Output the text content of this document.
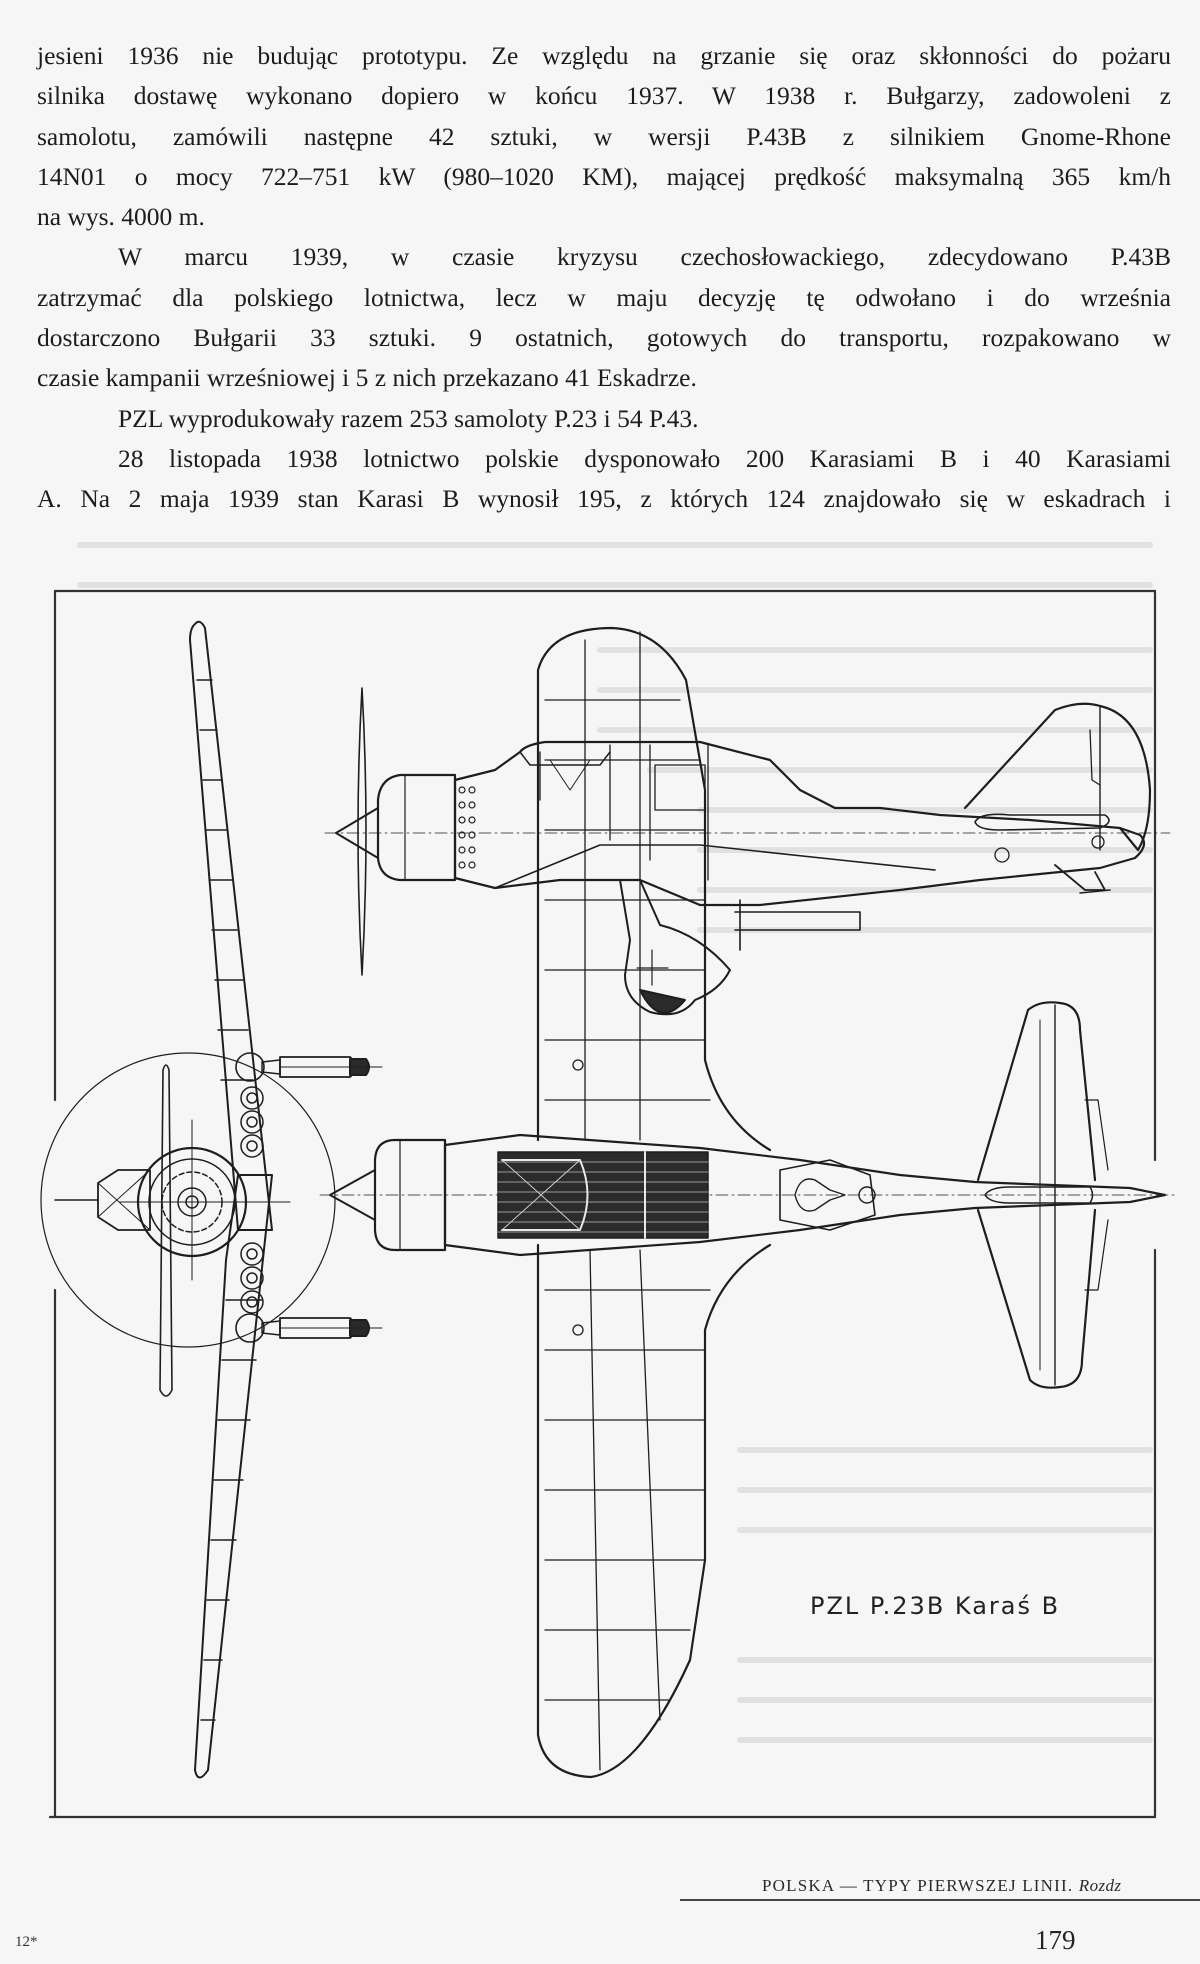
jesieni 1936 nie budując prototypu. Ze względu na grzanie się oraz skłonności do pożaru
silnika dostawę wykonano dopiero w końcu 1937. W 1938 r. Bułgarzy, zadowoleni z
samolotu, zamówili następne 42 sztuki, w wersji P.43B z silnikiem Gnome-Rhone
14N01 o mocy 722–751 kW (980–1020 KM), mającej prędkość maksymalną 365 km/h
na wys. 4000 m.
W marcu 1939, w czasie kryzysu czechosłowackiego, zdecydowano P.43B
zatrzymać dla polskiego lotnictwa, lecz w maju decyzję tę odwołano i do września
dostarczono Bułgarii 33 sztuki. 9 ostatnich, gotowych do transportu, rozpakowano w
czasie kampanii wrześniowej i 5 z nich przekazano 41 Eskadrze.
PZL wyprodukowały razem 253 samoloty P.23 i 54 P.43.
28 listopada 1938 lotnictwo polskie dysponowało 200 Karasiami B i 40 Karasiami
A. Na 2 maja 1939 stan Karasi B wynosił 195, z których 124 znajdowało się w eskadrach i
PZL P.23B Karaś B
POLSKA — TYPY PIERWSZEJ LINII. Rozdz
12*	179
